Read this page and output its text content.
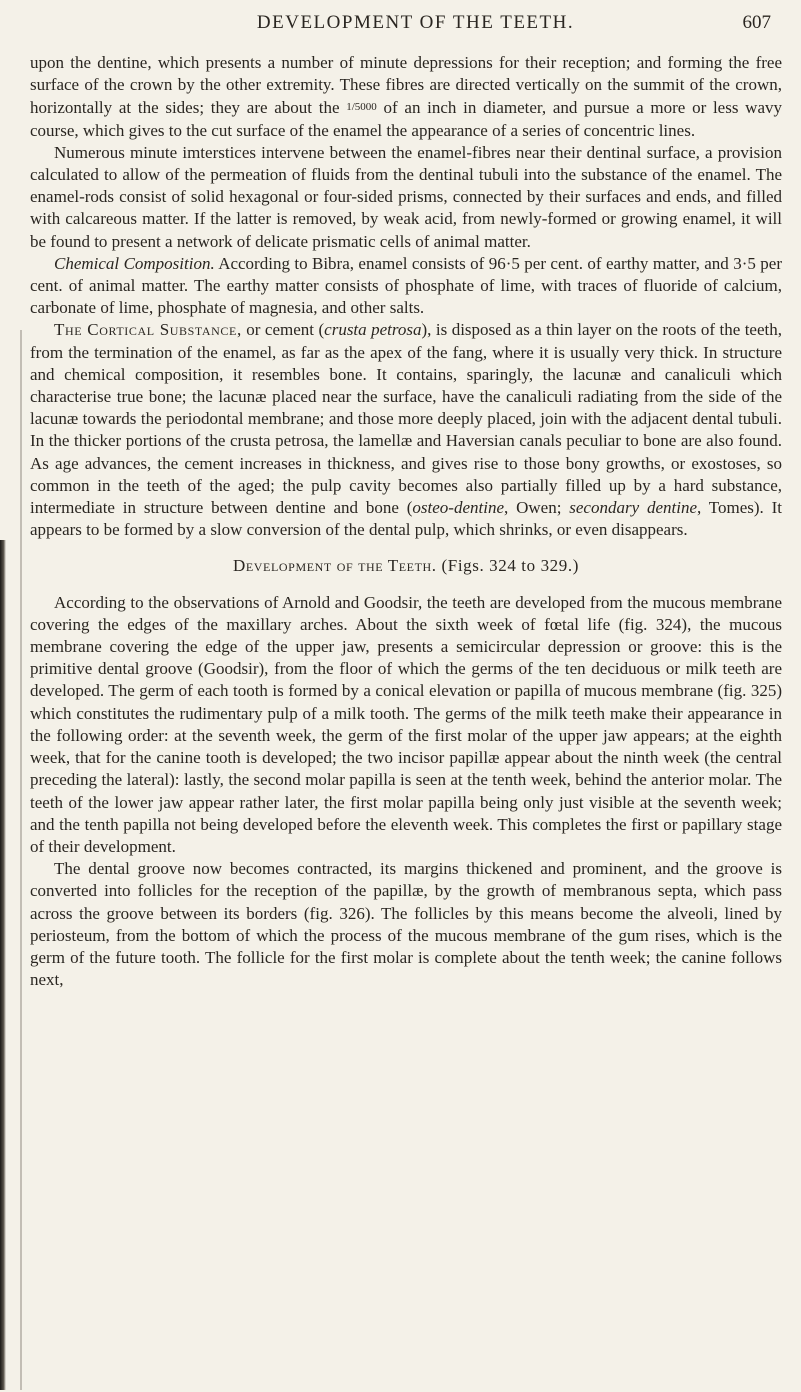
DEVELOPMENT OF THE TEETH.	607

upon the dentine, which presents a number of minute depressions for their reception; and forming the free surface of the crown by the other extremity. These fibres are directed vertically on the summit of the crown, horizontally at the sides; they are about the 1/5000 of an inch in diameter, and pursue a more or less wavy course, which gives to the cut surface of the enamel the appearance of a series of concentric lines.

Numerous minute imterstices intervene between the enamel-fibres near their dentinal surface, a provision calculated to allow of the permeation of fluids from the dentinal tubuli into the substance of the enamel. The enamel-rods consist of solid hexagonal or four-sided prisms, connected by their surfaces and ends, and filled with calcareous matter. If the latter is removed, by weak acid, from newly-formed or growing enamel, it will be found to present a network of delicate prismatic cells of animal matter.

Chemical Composition. According to Bibra, enamel consists of 96·5 per cent. of earthy matter, and 3·5 per cent. of animal matter. The earthy matter consists of phosphate of lime, with traces of fluoride of calcium, carbonate of lime, phosphate of magnesia, and other salts.

The Cortical Substance, or cement (crusta petrosa), is disposed as a thin layer on the roots of the teeth, from the termination of the enamel, as far as the apex of the fang, where it is usually very thick. In structure and chemical composition, it resembles bone. It contains, sparingly, the lacunæ and canaliculi which characterise true bone; the lacunæ placed near the surface, have the canaliculi radiating from the side of the lacunæ towards the periodontal membrane; and those more deeply placed, join with the adjacent dental tubuli. In the thicker portions of the crusta petrosa, the lamellæ and Haversian canals peculiar to bone are also found. As age advances, the cement increases in thickness, and gives rise to those bony growths, or exostoses, so common in the teeth of the aged; the pulp cavity becomes also partially filled up by a hard substance, intermediate in structure between dentine and bone (osteo-dentine, Owen; secondary dentine, Tomes). It appears to be formed by a slow conversion of the dental pulp, which shrinks, or even disappears.

Development of the Teeth. (Figs. 324 to 329.)

According to the observations of Arnold and Goodsir, the teeth are developed from the mucous membrane covering the edges of the maxillary arches. About the sixth week of fœtal life (fig. 324), the mucous membrane covering the edge of the upper jaw, presents a semicircular depression or groove: this is the primitive dental groove (Goodsir), from the floor of which the germs of the ten deciduous or milk teeth are developed. The germ of each tooth is formed by a conical elevation or papilla of mucous membrane (fig. 325) which constitutes the rudimentary pulp of a milk tooth. The germs of the milk teeth make their appearance in the following order: at the seventh week, the germ of the first molar of the upper jaw appears; at the eighth week, that for the canine tooth is developed; the two incisor papillæ appear about the ninth week (the central preceding the lateral): lastly, the second molar papilla is seen at the tenth week, behind the anterior molar. The teeth of the lower jaw appear rather later, the first molar papilla being only just visible at the seventh week; and the tenth papilla not being developed before the eleventh week. This completes the first or papillary stage of their development.

The dental groove now becomes contracted, its margins thickened and prominent, and the groove is converted into follicles for the reception of the papillæ, by the growth of membranous septa, which pass across the groove between its borders (fig. 326). The follicles by this means become the alveoli, lined by periosteum, from the bottom of which the process of the mucous membrane of the gum rises, which is the germ of the future tooth. The follicle for the first molar is complete about the tenth week; the canine follows next,
